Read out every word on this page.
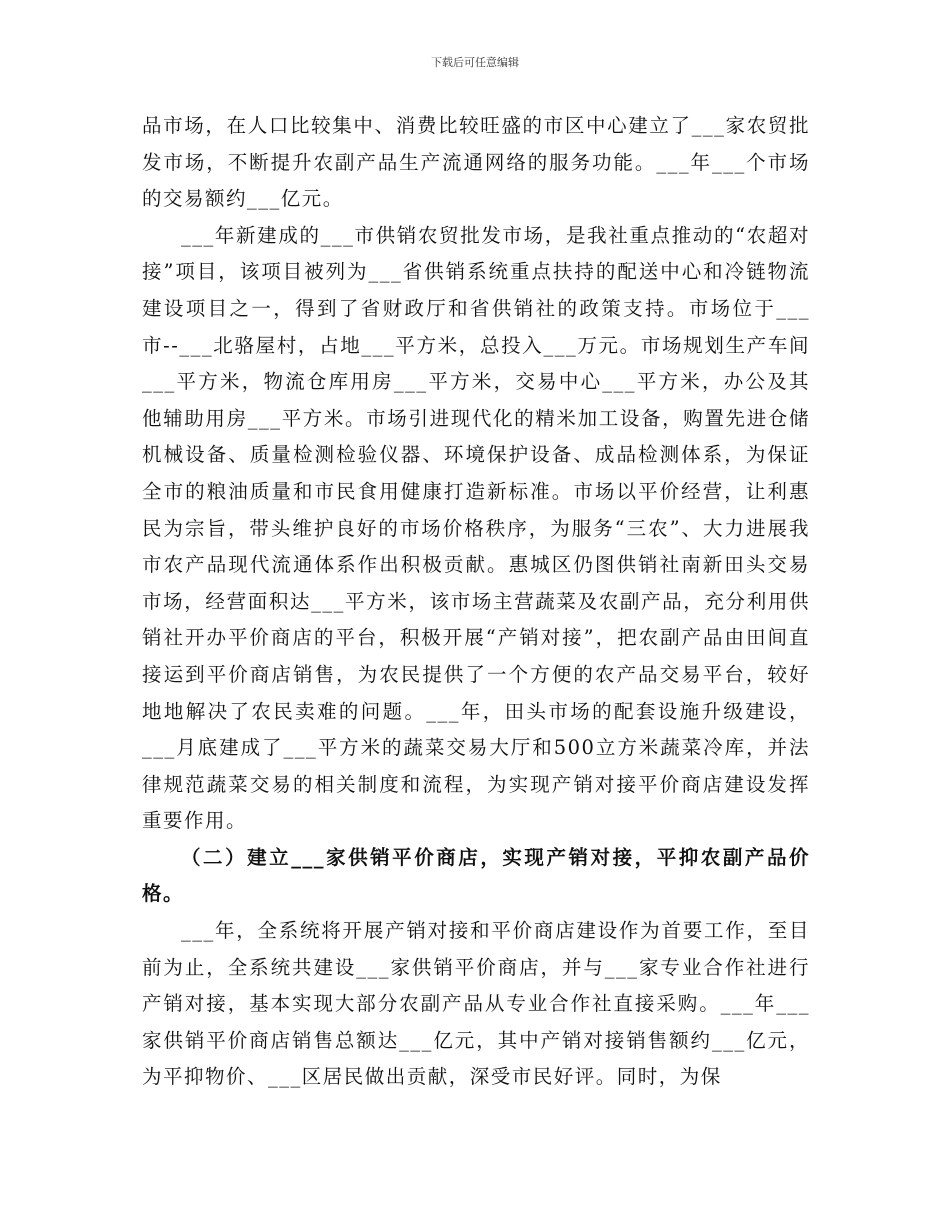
下载后可任意编辑

品市场，在人口比较集中、消费比较旺盛的市区中心建立了___家农贸批发市场，不断提升农副产品生产流通网络的服务功能。___年___个市场的交易额约___亿元。

___年新建成的___市供销农贸批发市场，是我社重点推动的“农超对接”项目，该项目被列为___省供销系统重点扶持的配送中心和冷链物流建设项目之一，得到了省财政厅和省供销社的政策支持。市场位于___市--___北骆屋村，占地___平方米，总投入___万元。市场规划生产车间___平方米，物流仓库用房___平方米，交易中心___平方米，办公及其他辅助用房___平方米。市场引进现代化的精米加工设备，购置先进仓储机械设备、质量检测检验仪器、环境保护设备、成品检测体系，为保证全市的粮油质量和市民食用健康打造新标准。市场以平价经营，让利惠民为宗旨，带头维护良好的市场价格秩序，为服务“三农”、大力进展我市农产品现代流通体系作出积极贡献。惠城区仍图供销社南新田头交易市场，经营面积达___平方米，该市场主营蔬菜及农副产品，充分利用供销社开办平价商店的平台，积极开展“产销对接”，把农副产品由田间直接运到平价商店销售，为农民提供了一个方便的农产品交易平台，较好地地解决了农民卖难的问题。___年，田头市场的配套设施升级建设，___月底建成了___平方米的蔬菜交易大厅和500立方米蔬菜冷库，并法律规范蔬菜交易的相关制度和流程，为实现产销对接平价商店建设发挥重要作用。

（二）建立___家供销平价商店，实现产销对接，平抑农副产品价格。

___年，全系统将开展产销对接和平价商店建设作为首要工作，至目前为止，全系统共建设___家供销平价商店，并与___家专业合作社进行产销对接，基本实现大部分农副产品从专业合作社直接采购。___年___家供销平价商店销售总额达___亿元，其中产销对接销售额约___亿元，为平抑物价、___区居民做出贡献，深受市民好评。同时，为保
